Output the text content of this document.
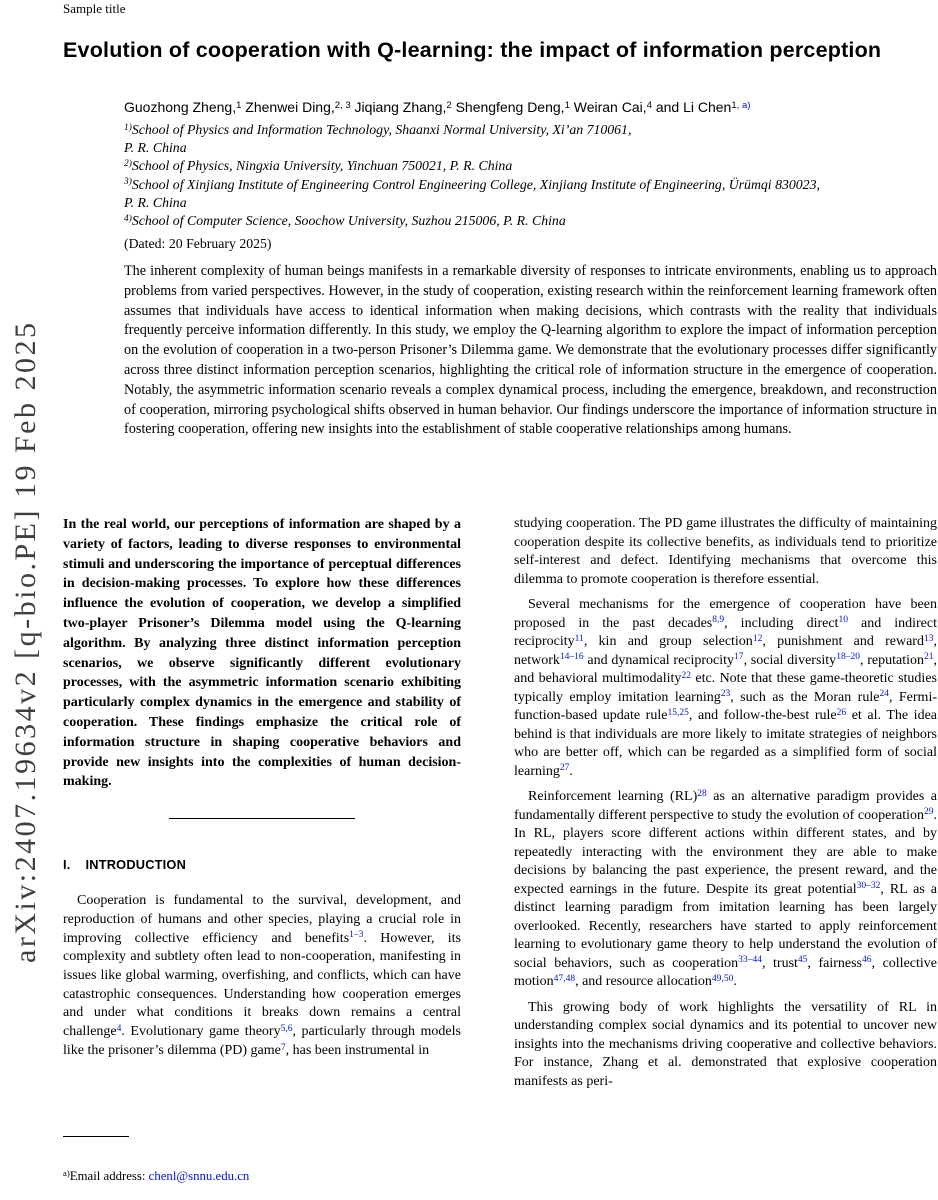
Sample title
arXiv:2407.19634v2 [q-bio.PE] 19 Feb 2025
Evolution of cooperation with Q-learning: the impact of information perception
Guozhong Zheng,$^1$ Zhenwei Ding,$^{2, 3}$ Jiqiang Zhang,$^2$ Shengfeng Deng,$^1$ Weiran Cai,$^4$ and Li Chen$^{1,}$ $^{a)}$
$^{1)}$School of Physics and Information Technology, Shaanxi Normal University, Xi’an 710061,
P. R. China
$^{2)}$School of Physics, Ningxia University, Yinchuan 750021, P. R. China
$^{3)}$School of Xinjiang Institute of Engineering Control Engineering College, Xinjiang Institute of Engineering, Ürümqi 830023,
P. R. China
$^{4)}$School of Computer Science, Soochow University, Suzhou 215006, P. R. China
(Dated: 20 February 2025)
The inherent complexity of human beings manifests in a remarkable diversity of responses to intricate environments, enabling us to approach problems from varied perspectives. However, in the study of cooperation, existing research within the reinforcement learning framework often assumes that individuals have access to identical information when making decisions, which contrasts with the reality that individuals frequently perceive information differently. In this study, we employ the Q-learning algorithm to explore the impact of information perception on the evolution of cooperation in a two-person Prisoner’s Dilemma game. We demonstrate that the evolutionary processes differ significantly across three distinct information perception scenarios, highlighting the critical role of information structure in the emergence of cooperation. Notably, the asymmetric information scenario reveals a complex dynamical process, including the emergence, breakdown, and reconstruction of cooperation, mirroring psychological shifts observed in human behavior. Our findings underscore the importance of information structure in fostering cooperation, offering new insights into the establishment of stable cooperative relationships among humans.

In the real world, our perceptions of information are shaped by a variety of factors, leading to diverse responses to environmental stimuli and underscoring the importance of perceptual differences in decision-making processes. To explore how these differences influence the evolution of cooperation, we develop a simplified two-player Prisoner’s Dilemma model using the Q-learning algorithm. By analyzing three distinct information perception scenarios, we observe significantly different evolutionary processes, with the asymmetric information scenario exhibiting particularly complex dynamics in the emergence and stability of cooperation. These findings emphasize the critical role of information structure in shaping cooperative behaviors and provide new insights into the complexities of human decision-making.

I. INTRODUCTION

Cooperation is fundamental to the survival, development, and reproduction of humans and other species, playing a crucial role in improving collective efficiency and benefits$^{1-3}$. However, its complexity and subtlety often lead to non-cooperation, manifesting in issues like global warming, overfishing, and conflicts, which can have catastrophic consequences. Understanding how cooperation emerges and under what conditions it breaks down remains a central challenge$^4$. Evolutionary game theory$^{5,6}$, particularly through models like the prisoner’s dilemma (PD) game$^7$, has been instrumental in

studying cooperation. The PD game illustrates the difficulty of maintaining cooperation despite its collective benefits, as individuals tend to prioritize self-interest and defect. Identifying mechanisms that overcome this dilemma to promote cooperation is therefore essential.

Several mechanisms for the emergence of cooperation have been proposed in the past decades$^{8,9}$, including direct$^{10}$ and indirect reciprocity$^{11}$, kin and group selection$^{12}$, punishment and reward$^{13}$, network$^{14-16}$ and dynamical reciprocity$^{17}$, social diversity$^{18-20}$, reputation$^{21}$, and behavioral multimodality$^{22}$ etc. Note that these game-theoretic studies typically employ imitation learning$^{23}$, such as the Moran rule$^{24}$, Fermi-function-based update rule$^{15,25}$, and follow-the-best rule$^{26}$ et al. The idea behind is that individuals are more likely to imitate strategies of neighbors who are better off, which can be regarded as a simplified form of social learning$^{27}$.

Reinforcement learning (RL)$^{28}$ as an alternative paradigm provides a fundamentally different perspective to study the evolution of cooperation$^{29}$. In RL, players score different actions within different states, and by repeatedly interacting with the environment they are able to make decisions by balancing the past experience, the present reward, and the expected earnings in the future. Despite its great potential$^{30-32}$, RL as a distinct learning paradigm from imitation learning has been largely overlooked. Recently, researchers have started to apply reinforcement learning to evolutionary game theory to help understand the evolution of social behaviors, such as cooperation$^{33-44}$, trust$^{45}$, fairness$^{46}$, collective motion$^{47,48}$, and resource allocation$^{49,50}$.

This growing body of work highlights the versatility of RL in understanding complex social dynamics and its potential to uncover new insights into the mechanisms driving cooperative and collective behaviors. For instance, Zhang et al. demonstrated that explosive cooperation manifests as peri-

$^{a)}$Email address: chenl@snnu.edu.cn
